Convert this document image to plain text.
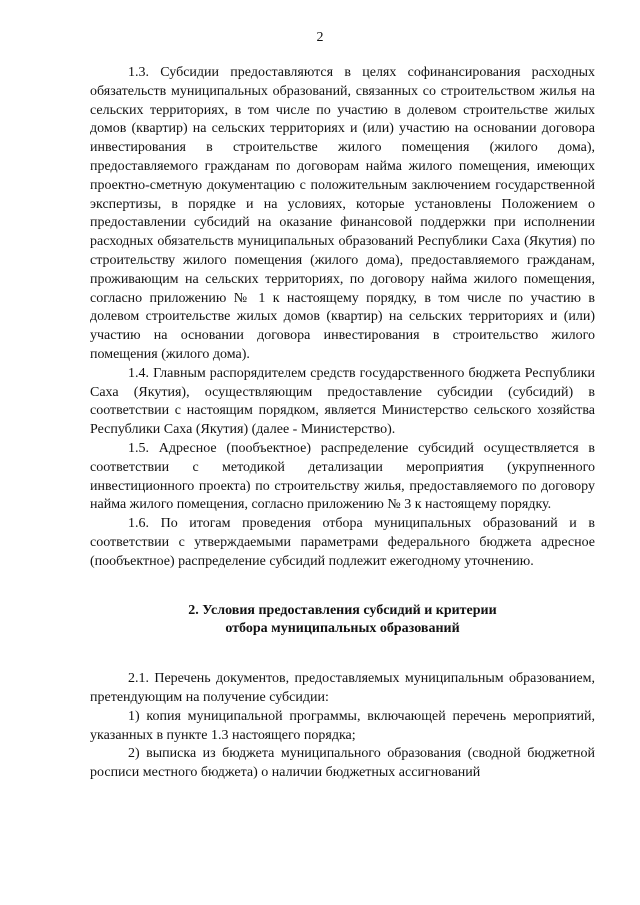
2

1.3. Субсидии предоставляются в целях софинансирования расходных обязательств муниципальных образований, связанных со строительством жилья на сельских территориях, в том числе по участию в долевом строительстве жилых домов (квартир) на сельских территориях и (или) участию на основании договора инвестирования в строительстве жилого помещения (жилого дома), предоставляемого гражданам по договорам найма жилого помещения, имеющих проектно-сметную документацию с положительным заключением государственной экспертизы, в порядке и на условиях, которые установлены Положением о предоставлении субсидий на оказание финансовой поддержки при исполнении расходных обязательств муниципальных образований Республики Саха (Якутия) по строительству жилого помещения (жилого дома), предоставляемого гражданам, проживающим на сельских территориях, по договору найма жилого помещения, согласно приложению № 1 к настоящему порядку, в том числе по участию в долевом строительстве жилых домов (квартир) на сельских территориях и (или) участию на основании договора инвестирования в строительство жилого помещения (жилого дома).

1.4. Главным распорядителем средств государственного бюджета Республики Саха (Якутия), осуществляющим предоставление субсидии (субсидий) в соответствии с настоящим порядком, является Министерство сельского хозяйства Республики Саха (Якутия) (далее - Министерство).

1.5. Адресное (пообъектное) распределение субсидий осуществляется в соответствии с методикой детализации мероприятия (укрупненного инвестиционного проекта) по строительству жилья, предоставляемого по договору найма жилого помещения, согласно приложению № 3 к настоящему порядку.

1.6. По итогам проведения отбора муниципальных образований и в соответствии с утверждаемыми параметрами федерального бюджета адресное (пообъектное) распределение субсидий подлежит ежегодному уточнению.

2. Условия предоставления субсидий и критерии
отбора муниципальных образований

2.1. Перечень документов, предоставляемых муниципальным образованием, претендующим на получение субсидии:

1) копия муниципальной программы, включающей перечень мероприятий, указанных в пункте 1.3 настоящего порядка;

2) выписка из бюджета муниципального образования (сводной бюджетной росписи местного бюджета) о наличии бюджетных ассигнований
